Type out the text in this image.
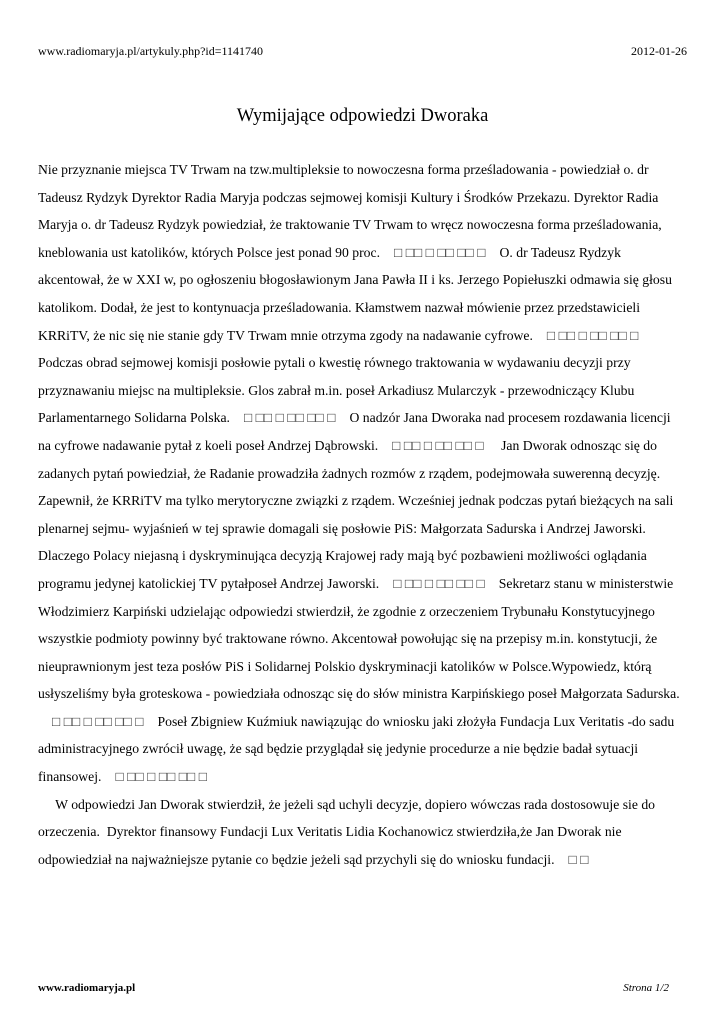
www.radiomaryja.pl/artykuly.php?id=1141740	2012-01-26
Wymijające odpowiedzi Dworaka

Nie przyznanie miejsca TV Trwam na tzw.multipleksie to nowoczesna forma prześladowania - powiedział o. dr Tadeusz Rydzyk Dyrektor Radia Maryja podczas sejmowej komisji Kultury i Środków Przekazu. Dyrektor Radia Maryja o. dr Tadeusz Rydzyk powiedział, że traktowanie TV Trwam to wręcz nowoczesna forma prześladowania, kneblowania ust katolików, których Polsce jest ponad 90 proc. □ □□ □ □□ □□ □ O. dr Tadeusz Rydzyk akcentował, że w XXI w, po ogłoszeniu błogosławionym Jana Pawła II i ks. Jerzego Popiełuszki odmawia się głosu katolikom. Dodał, że jest to kontynuacja prześladowania. Kłamstwem nazwał mówienie przez przedstawicieli KRRiTV, że nic się nie stanie gdy TV Trwam mnie otrzyma zgody na nadawanie cyfrowe. □ □□ □ □□ □□ □Podczas obrad sejmowej komisji posłowie pytali o kwestię równego traktowania w wydawaniu decyzji przy przyznawaniu miejsc na multipleksie. Glos zabrał m.in. poseł Arkadiusz Mularczyk - przewodniczący Klubu Parlamentarnego Solidarna Polska. □ □□ □ □□ □□ □ O nadzór Jana Dworaka nad procesem rozdawania licencji na cyfrowe nadawanie pytał z koeli poseł Andrzej Dąbrowski. □ □□ □ □□ □□ □ Jan Dworak odnosząc się do zadanych pytań powiedział, że Radanie prowadziła żadnych rozmów z rządem, podejmowała suwerenną decyzję. Zapewnił, że KRRiTV ma tylko merytoryczne związki z rządem. Wcześniej jednak podczas pytań bieżących na sali plenarnej sejmu- wyjaśnień w tej sprawie domagali się posłowie PiS: Małgorzata Sadurska i Andrzej Jaworski. Dlaczego Polacy niejasną i dyskryminująca decyzją Krajowej rady mają być pozbawieni możliwości oglądania programu jedynej katolickiej TV pytałposeł Andrzej Jaworski. □ □□ □ □□ □□ □ Sekretarz stanu w ministerstwie Włodzimierz Karpiński udzielając odpowiedzi stwierdził, że zgodnie z orzeczeniem Trybunału Konstytucyjnego wszystkie podmioty powinny być traktowane równo. Akcentował powołując się na przepisy m.in. konstytucji, że nieuprawnionym jest teza posłów PiS i Solidarnej Polskio dyskryminacji katolików w Polsce.Wypowiedz, którą usłyszeliśmy była groteskowa - powiedziała odnosząc się do słów ministra Karpińskiego poseł Małgorzata Sadurska.□ □□ □ □□ □□ □ Poseł Zbigniew Kuźmiuk nawiązując do wniosku jaki złożyła Fundacja Lux Veritatis -do sadu administracyjnego zwrócił uwagę, że sąd będzie przyglądał się jedynie procedurze a nie będzie badał sytuacji finansowej. □ □□ □ □□ □□ □

W odpowiedzi Jan Dworak stwierdził, że jeżeli sąd uchyli decyzje, dopiero wówczas rada dostosowuje sie do orzeczenia.  Dyrektor finansowy Fundacji Lux Veritatis Lidia Kochanowicz stwierdziła,że Jan Dworak nie odpowiedział na najważniejsze pytanie co będzie jeżeli sąd przychyli się do wniosku fundacji. □ □

www.radiomaryja.pl	Strona 1/2
